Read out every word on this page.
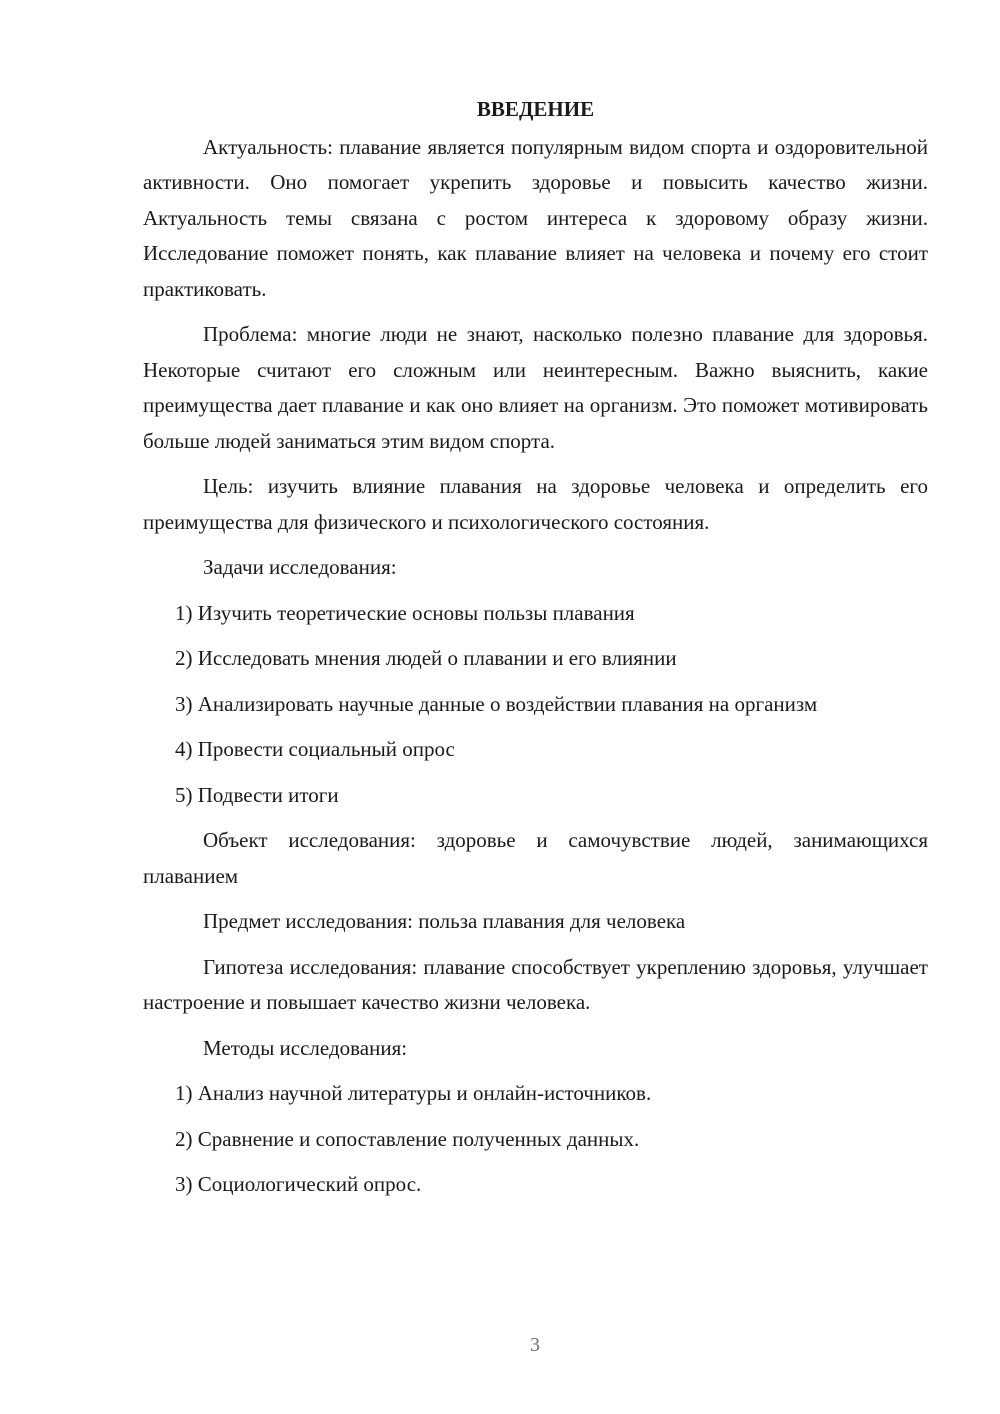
ВВЕДЕНИЕ

Актуальность: плавание является популярным видом спорта и оздоровительной активности. Оно помогает укрепить здоровье и повысить качество жизни. Актуальность темы связана с ростом интереса к здоровому образу жизни. Исследование поможет понять, как плавание влияет на человека и почему его стоит практиковать.

Проблема: многие люди не знают, насколько полезно плавание для здоровья. Некоторые считают его сложным или неинтересным. Важно выяснить, какие преимущества дает плавание и как оно влияет на организм. Это поможет мотивировать больше людей заниматься этим видом спорта.

Цель: изучить влияние плавания на здоровье человека и определить его преимущества для физического и психологического состояния.

Задачи исследования:

1) Изучить теоретические основы пользы плавания

2) Исследовать мнения людей о плавании и его влиянии

3) Анализировать научные данные о воздействии плавания на организм

4) Провести социальный опрос

5) Подвести итоги

Объект исследования: здоровье и самочувствие людей, занимающихся плаванием

Предмет исследования: польза плавания для человека

Гипотеза исследования: плавание способствует укреплению здоровья, улучшает настроение и повышает качество жизни человека.

Методы исследования:

1) Анализ научной литературы и онлайн-источников.

2) Сравнение и сопоставление полученных данных.

3) Социологический опрос.

3
